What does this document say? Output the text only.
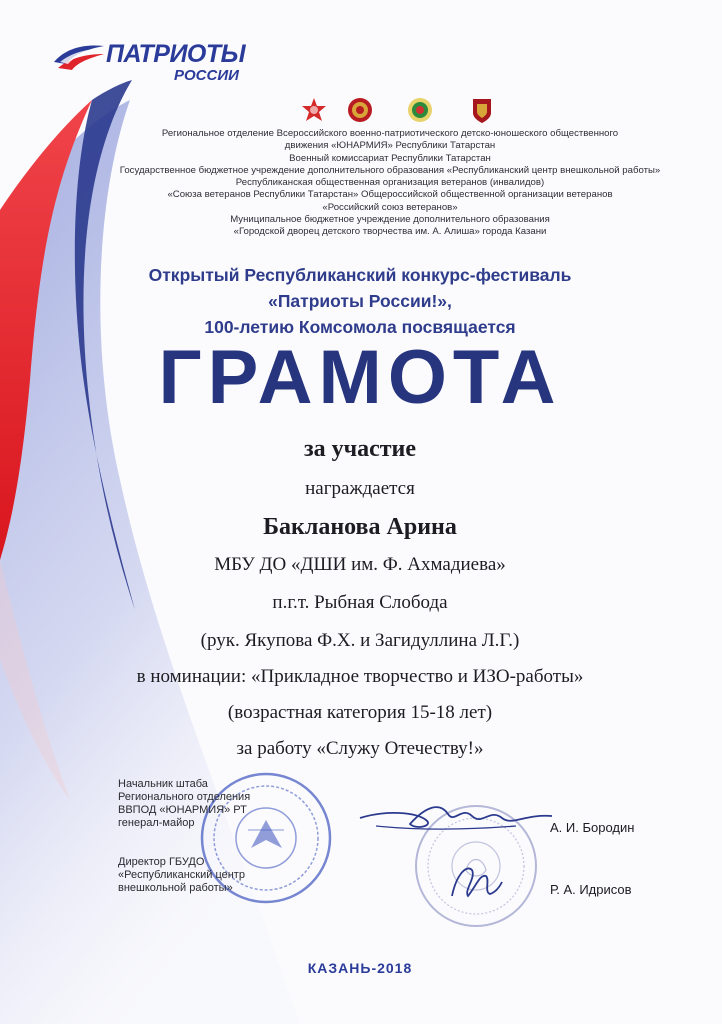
ПАТРИОТЫ
РОССИИ
Региональное отделение Всероссийского военно-патриотического детско-юношеского общественного
движения «ЮНАРМИЯ» Республики Татарстан
Военный комиссариат Республики Татарстан
Государственное бюджетное учреждение дополнительного образования «Республиканский центр внешкольной работы»
Республиканская общественная организация ветеранов (инвалидов)
«Союза ветеранов Республики Татарстан» Общероссийской общественной организации ветеранов
«Российский союз ветеранов»
Муниципальное бюджетное учреждение дополнительного образования
«Городской дворец детского творчества им. А. Алиша» города Казани
Открытый Республиканский конкурс-фестиваль
«Патриоты России!»,
100-летию Комсомола посвящается
ГРАМОТА
за участие
награждается
Бакланова Арина
МБУ ДО «ДШИ им. Ф. Ахмадиева»
п.г.т. Рыбная Слобода
(рук. Якупова Ф.Х. и Загидуллина Л.Г.)
в номинации: «Прикладное творчество и ИЗО-работы»
(возрастная категория 15-18 лет)
за работу «Служу Отечеству!»
Начальник штаба
Регионального отделения
ВВПОД «ЮНАРМИЯ» РТ
генерал-майор	А. И. Бородин
Директор ГБУДО
«Республиканский центр
внешкольной работы»	Р. А. Идрисов
КАЗАНЬ-2018
